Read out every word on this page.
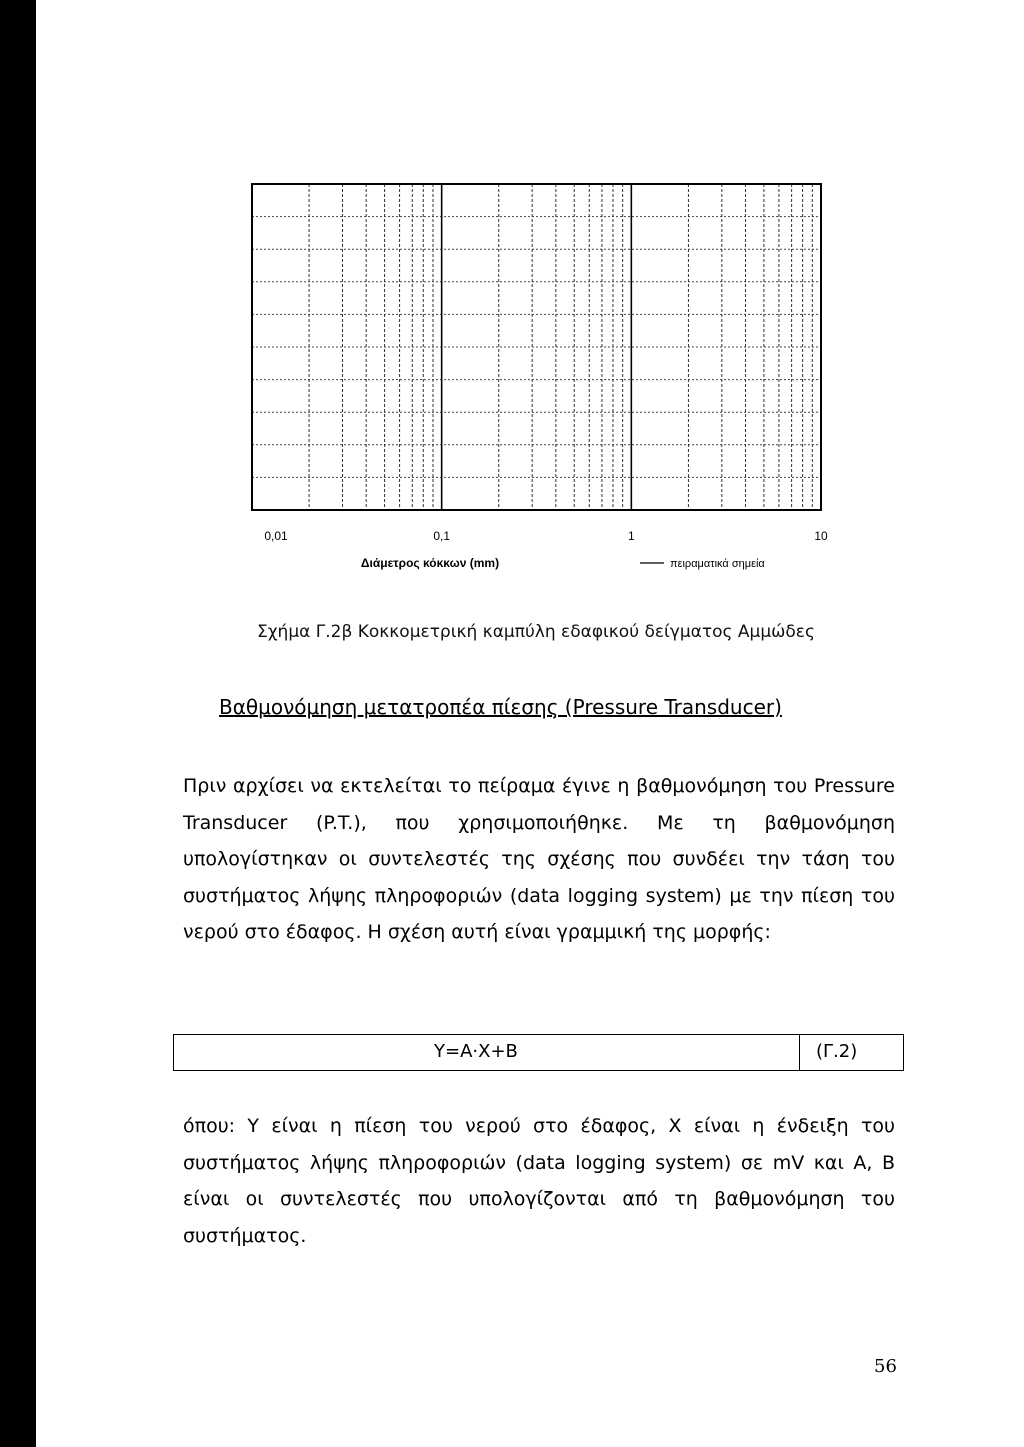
0,01	0,1	1	10
Διάμετρος κόκκων (mm)	πειραματικά σημεία
Σχήμα Γ.2β Κοκκομετρική καμπύλη εδαφικού δείγματος Αμμώδες
Βαθμονόμηση μετατροπέα πίεσης (Pressure Transducer)

Πριν αρχίσει να εκτελείται το πείραμα έγινε η βαθμονόμηση του Pressure Transducer (P.T.), που χρησιμοποιήθηκε. Με τη βαθμονόμηση υπολογίστηκαν οι συντελεστές της σχέσης που συνδέει την τάση του συστήματος λήψης πληροφοριών (data logging system) με την πίεση του νερού στο έδαφος. Η σχέση αυτή είναι γραμμική της μορφής:

Y=A·X+B	(Γ.2)

όπου: Y είναι η πίεση του νερού στο έδαφος, X είναι η ένδειξη του συστήματος λήψης πληροφοριών (data logging system) σε mV και A, B είναι οι συντελεστές που υπολογίζονται από τη βαθμονόμηση του συστήματος.

56
